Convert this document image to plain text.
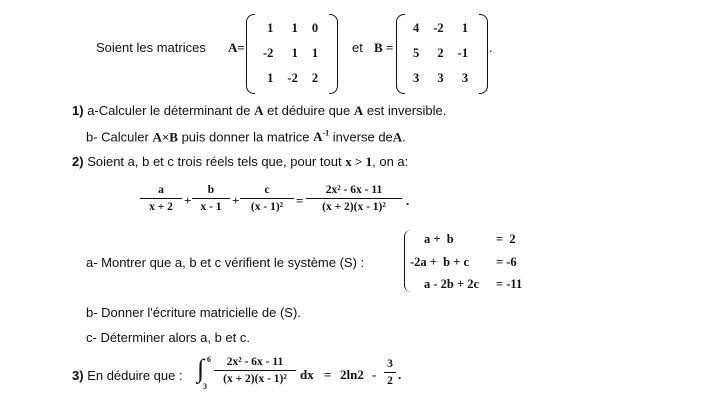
Soient les matrices A=
1	1	0
-2	1	1
1	-2	2
et B =
4	-2	1
5	2	-1
3	3	3
.
1) a-Calculer le déterminant de A et déduire que A est inversible.
b- Calculer A×B puis donner la matrice $A^{-1}$ inverse deA.
2) Soient a, b et c trois réels tels que, pour tout x > 1, on a:
a
x + 2 +
b
x - 1 +
c
(x - 1)² =
2x² - 6x - 11
(x + 2)(x - 1)²	.
a- Montrer que a, b et c vérifient le système (S) :
a +  b	=  2
-2a +  b + c = -6
a - 2b + 2c = -11
b- Donner l'écriture matricielle de (S).
c- Déterminer alors a, b et c.
3) En déduire que : ∫ 6
3
2x² - 6x - 11
(x + 2)(x - 1)²	dx = 2ln2 -
3
2 .
